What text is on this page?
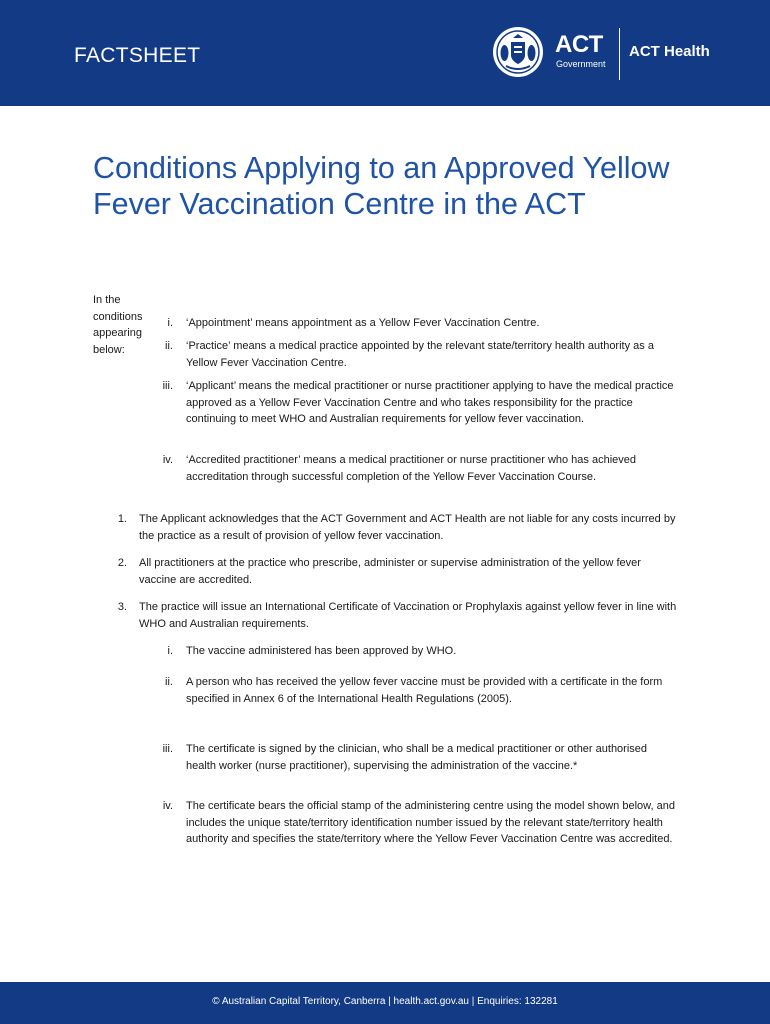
FACTSHEET	ACT
Government
ACT Health
Conditions Applying to an Approved Yellow Fever Vaccination Centre in the ACT
In the conditions appearing below:
i. ‘Appointment’ means appointment as a Yellow Fever Vaccination Centre.
ii. ‘Practice’ means a medical practice appointed by the relevant state/territory health authority as a Yellow Fever Vaccination Centre.
iii. ‘Applicant’ means the medical practitioner or nurse practitioner applying to have the medical practice approved as a Yellow Fever Vaccination Centre and who takes responsibility for the practice continuing to meet WHO and Australian requirements for yellow fever vaccination.
iv. ‘Accredited practitioner’ means a medical practitioner or nurse practitioner who has achieved accreditation through successful completion of the Yellow Fever Vaccination Course.
1. The Applicant acknowledges that the ACT Government and ACT Health are not liable for any costs incurred by the practice as a result of provision of yellow fever vaccination.
2. All practitioners at the practice who prescribe, administer or supervise administration of the yellow fever vaccine are accredited.
3. The practice will issue an International Certificate of Vaccination or Prophylaxis against yellow fever in line with WHO and Australian requirements.
i. The vaccine administered has been approved by WHO.
ii. A person who has received the yellow fever vaccine must be provided with a certificate in the form specified in Annex 6 of the International Health Regulations (2005).
iii. The certificate is signed by the clinician, who shall be a medical practitioner or other authorised health worker (nurse practitioner), supervising the administration of the vaccine.*
iv. The certificate bears the official stamp of the administering centre using the model shown below, and includes the unique state/territory identification number issued by the relevant state/territory health authority and specifies the state/territory where the Yellow Fever Vaccination Centre was accredited.
© Australian Capital Territory, Canberra | health.act.gov.au | Enquiries: 132281
